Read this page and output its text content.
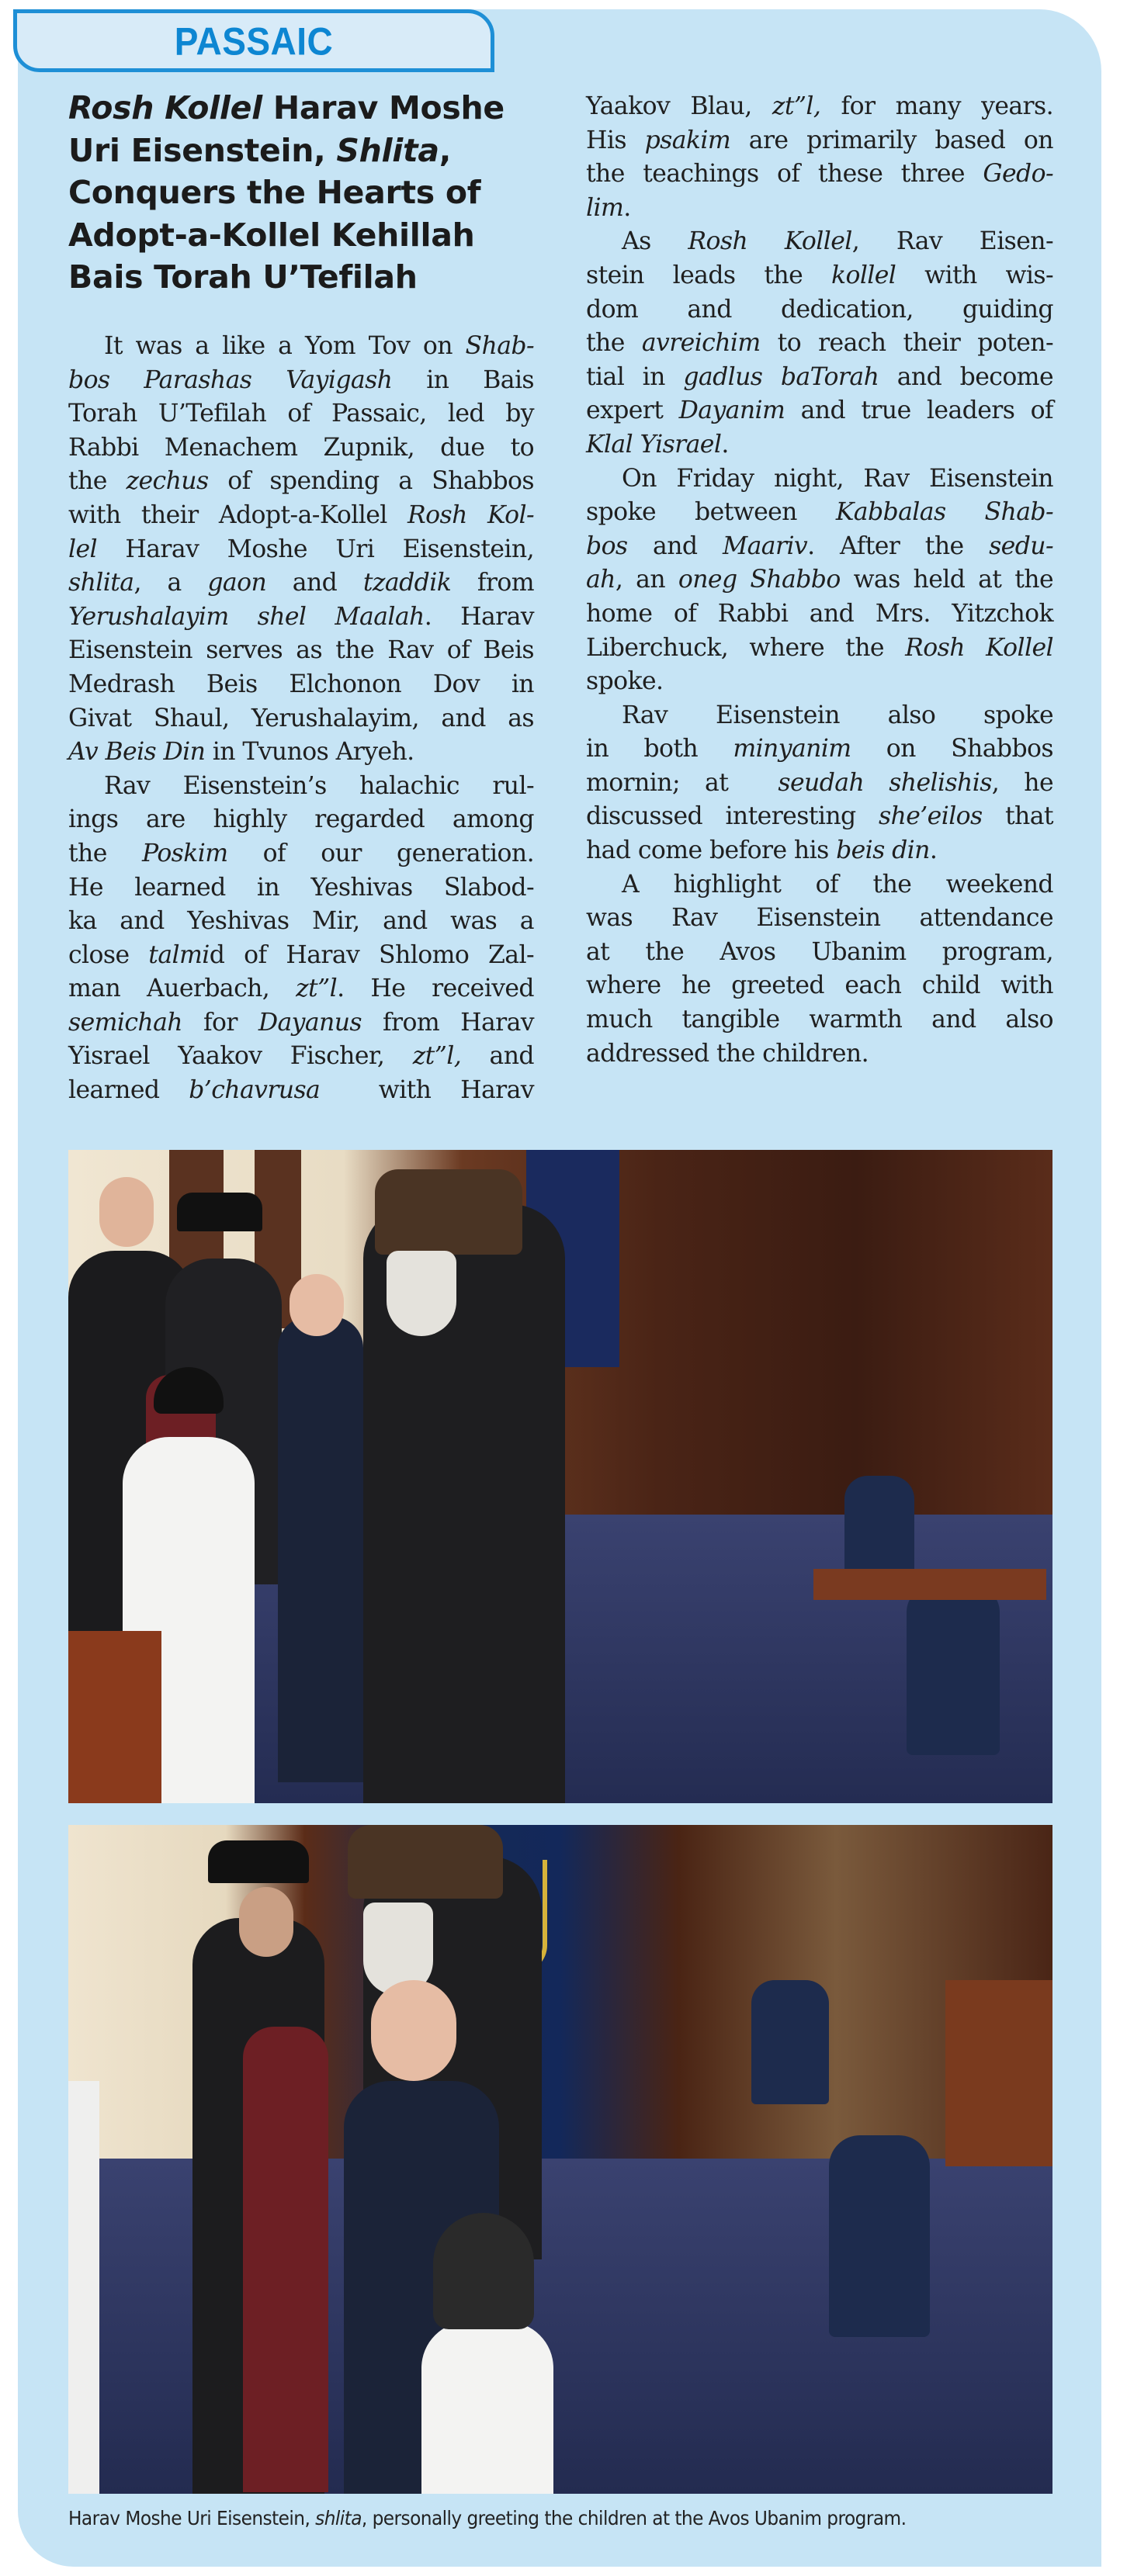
PASSAIC
Rosh Kollel Harav Moshe
Uri Eisenstein, Shlita,
Conquers the Hearts of
Adopt-a-Kollel Kehillah
Bais Torah U’Tefilah
It was a like a Yom Tov on Shab-
bos Parashas Vayigash in Bais
Torah U’Tefilah of Passaic, led by
Rabbi Menachem Zupnik, due to
the zechus of spending a Shabbos
with their Adopt-a-Kollel Rosh Kol-
lel Harav Moshe Uri Eisenstein,
shlita, a gaon and tzaddik from
Yerushalayim shel Maalah. Harav
Eisenstein serves as the Rav of Beis
Medrash Beis Elchonon Dov in
Givat Shaul, Yerushalayim, and as
Av Beis Din in Tvunos Aryeh.
Rav Eisenstein’s halachic rul-
ings are highly regarded among
the Poskim of our generation.
He learned in Yeshivas Slabod-
ka and Yeshivas Mir, and was a
close talmid of Harav Shlomo Zal-
man Auerbach, zt”l. He received
semichah for Dayanus from Harav
Yisrael Yaakov Fischer, zt”l, and
learned b’chavrusa  with Harav
Yaakov Blau, zt”l, for many years.
His psakim are primarily based on
the teachings of these three Gedo-
lim.
As Rosh Kollel, Rav Eisen-
stein leads the kollel with wis-
dom and dedication, guiding
the avreichim to reach their poten-
tial in gadlus baTorah and become
expert Dayanim and true leaders of
Klal Yisrael.
On Friday night, Rav Eisenstein
spoke between Kabbalas Shab-
bos and Maariv. After the sedu-
ah, an oneg Shabbo was held at the
home of Rabbi and Mrs. Yitzchok
Liberchuck, where the Rosh Kollel
spoke.
Rav Eisenstein also spoke
in both minyanim on Shabbos
mornin; at  seudah shelishis, he
discussed interesting she’eilos that
had come before his beis din.
A highlight of the weekend
was Rav Eisenstein attendance
at the Avos Ubanim program,
where he greeted each child with
much tangible warmth and also
addressed the children.
Harav Moshe Uri Eisenstein, shlita, personally greeting the children at the Avos Ubanim program.
